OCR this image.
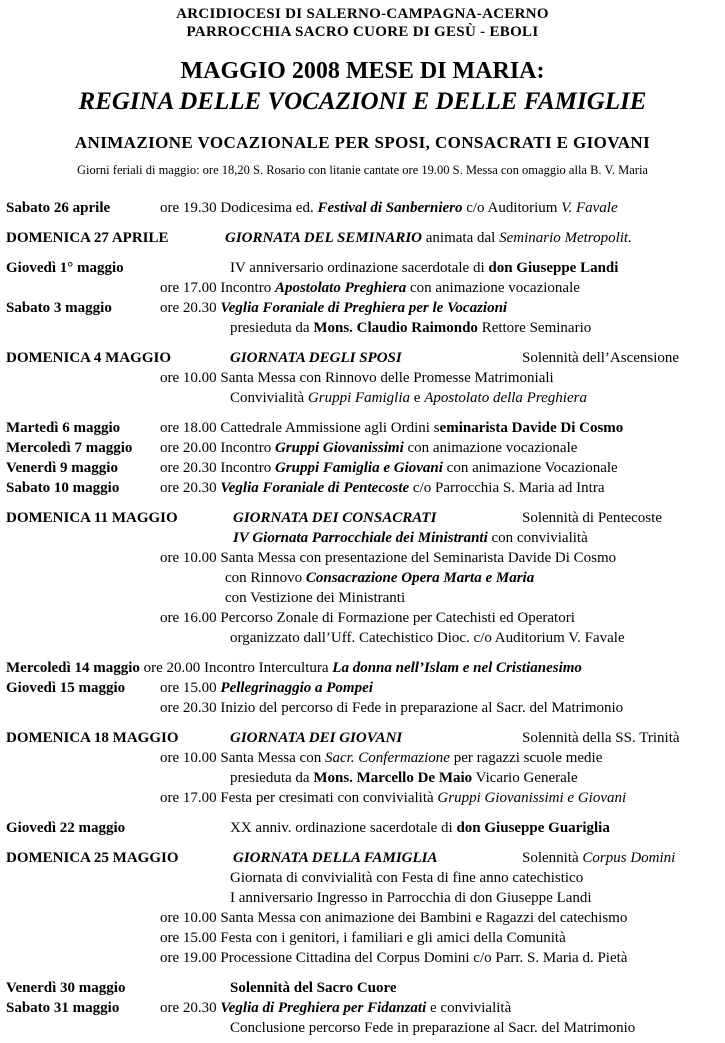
ARCIDIOCESI DI SALERNO-CAMPAGNA-ACERNO
PARROCCHIA SACRO CUORE DI GESÙ - EBOLI
MAGGIO 2008 MESE DI MARIA:
REGINA DELLE VOCAZIONI E DELLE FAMIGLIE
ANIMAZIONE VOCAZIONALE PER SPOSI, CONSACRATI E GIOVANI
Giorni feriali di maggio: ore 18,20 S. Rosario con litanie cantate ore 19.00 S. Messa con omaggio alla B. V. Maria
Sabato 26 aprile	ore 19.30 Dodicesima ed. Festival di Sanberniero c/o Auditorium V. Favale
DOMENICA 27 APRILE	GIORNATA DEL SEMINARIO animata dal Seminario Metropolit.
Giovedì 1° maggio	IV anniversario ordinazione sacerdotale di don Giuseppe Landi
ore 17.00 Incontro Apostolato Preghiera con animazione vocazionale
Sabato 3 maggio	ore 20.30 Veglia Foraniale di Preghiera per le Vocazioni
presieduta da Mons. Claudio Raimondo Rettore Seminario
DOMENICA 4 MAGGIO	GIORNATA DEGLI SPOSI	Solennità dell’Ascensione
ore 10.00 Santa Messa con Rinnovo delle Promesse Matrimoniali
Convivialità Gruppi Famiglia e Apostolato della Preghiera
Martedì 6 maggio	ore 18.00 Cattedrale Ammissione agli Ordini seminarista Davide Di Cosmo
Mercoledì 7 maggio ore 20.00 Incontro Gruppi Giovanissimi con animazione vocazionale
Venerdì 9 maggio	ore 20.30 Incontro Gruppi Famiglia e Giovani con animazione Vocazionale
Sabato 10 maggio	ore 20.30 Veglia Foraniale di Pentecoste c/o Parrocchia S. Maria ad Intra
DOMENICA 11 MAGGIO	GIORNATA DEI CONSACRATI	Solennità di Pentecoste
IV Giornata Parrocchiale dei Ministranti con convivialità
ore 10.00 Santa Messa con presentazione del Seminarista Davide Di Cosmo
con Rinnovo Consacrazione Opera Marta e Maria
con Vestizione dei Ministranti
ore 16.00 Percorso Zonale di Formazione per Catechisti ed Operatori
organizzato dall’Uff. Catechistico Dioc. c/o Auditorium V. Favale
Mercoledì 14 maggio ore 20.00 Incontro Intercultura La donna nell’Islam e nel Cristianesimo
Giovedì 15 maggio ore 15.00 Pellegrinaggio a Pompei
ore 20.30 Inizio del percorso di Fede in preparazione al Sacr. del Matrimonio
DOMENICA 18 MAGGIO	GIORNATA DEI GIOVANI	Solennità della SS. Trinità
ore 10.00 Santa Messa con Sacr. Confermazione per ragazzi scuole medie
presieduta da Mons. Marcello De Maio Vicario Generale
ore 17.00 Festa per cresimati con convivialità Gruppi Giovanissimi e Giovani
Giovedì 22 maggio	XX anniv. ordinazione sacerdotale di don Giuseppe Guariglia
DOMENICA 25 MAGGIO	GIORNATA DELLA FAMIGLIA	Solennità Corpus Domini
Giornata di convivialità con Festa di fine anno catechistico
I anniversario Ingresso in Parrocchia di don Giuseppe Landi
ore 10.00 Santa Messa con animazione dei Bambini e Ragazzi del catechismo
ore 15.00 Festa con i genitori, i familiari e gli amici della Comunità
ore 19.00 Processione Cittadina del Corpus Domini c/o Parr. S. Maria d. Pietà
Venerdì 30 maggio	Solennità del Sacro Cuore
Sabato 31 maggio	ore 20.30 Veglia di Preghiera per Fidanzati e convivialità
Conclusione percorso Fede in preparazione al Sacr. del Matrimonio
